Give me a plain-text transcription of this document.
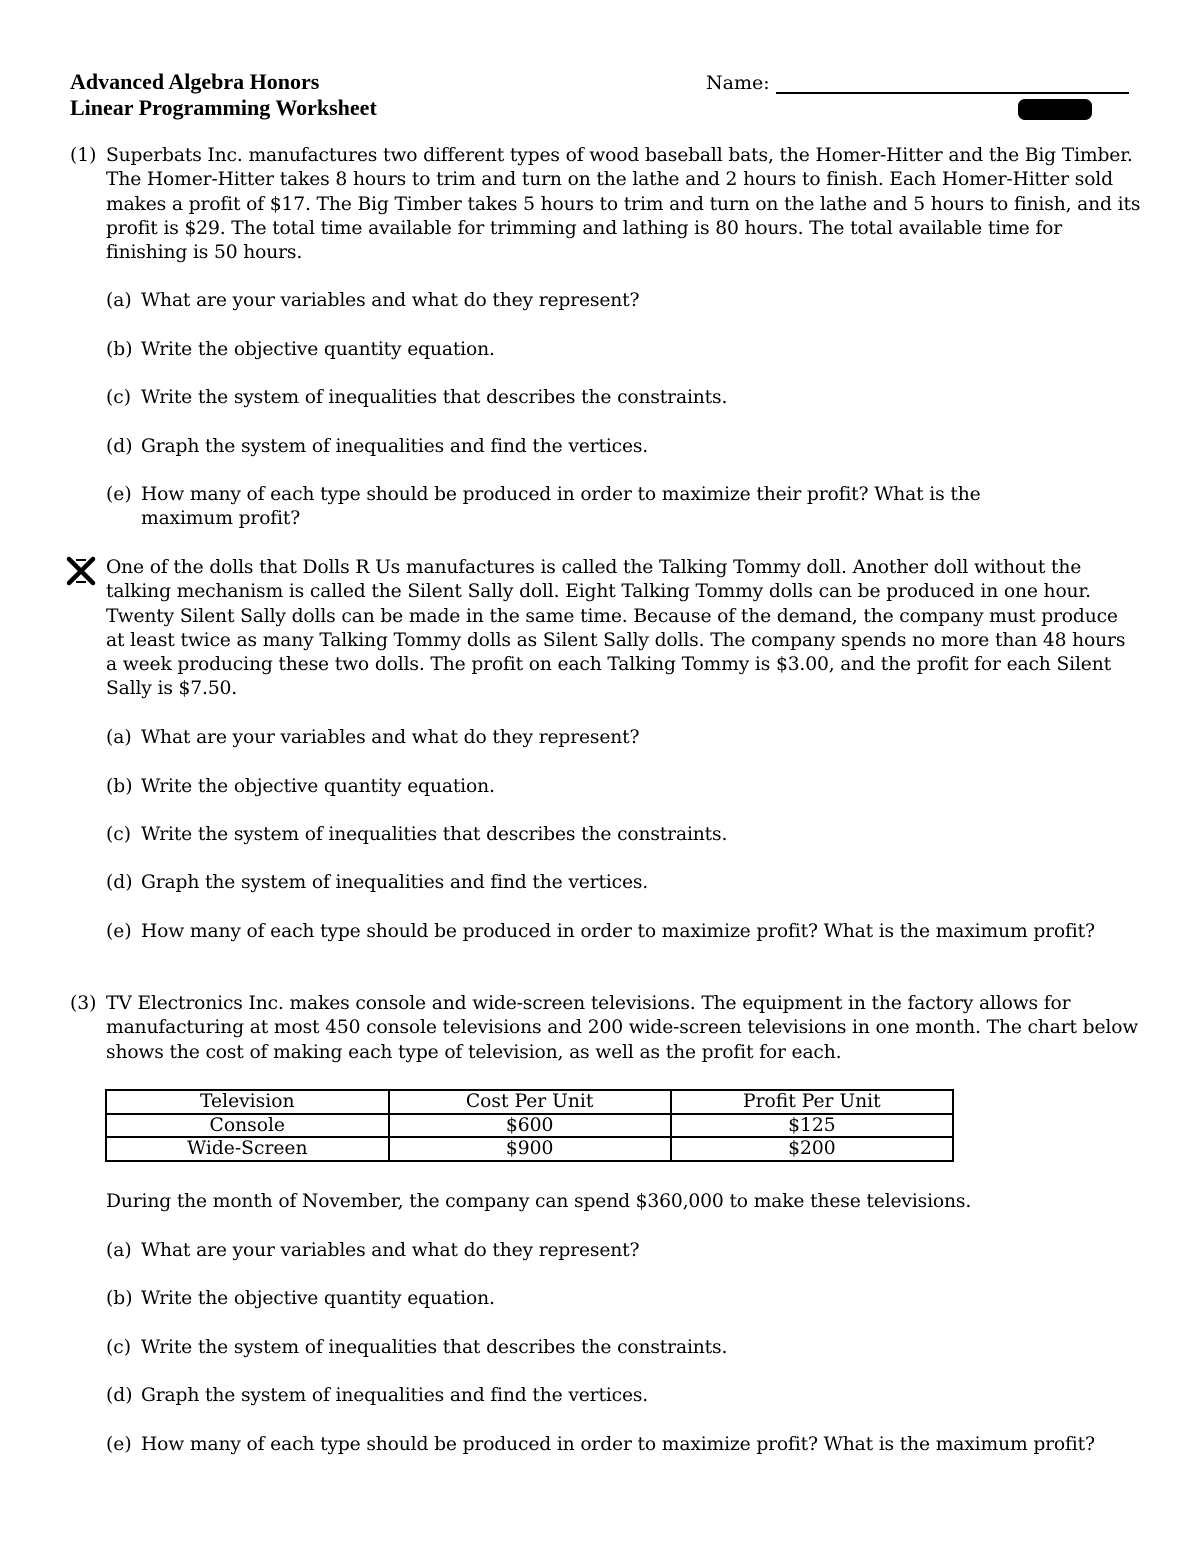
Advanced Algebra Honors
Linear Programming Worksheet
Name:
(1) Superbats Inc. manufactures two different types of wood baseball bats, the Homer-Hitter and the Big Timber. The Homer-Hitter takes 8 hours to trim and turn on the lathe and 2 hours to finish. Each Homer-Hitter sold makes a profit of $17. The Big Timber takes 5 hours to trim and turn on the lathe and 5 hours to finish, and its profit is $29. The total time available for trimming and lathing is 80 hours. The total available time for finishing is 50 hours.
(a) What are your variables and what do they represent?
(b) Write the objective quantity equation.
(c) Write the system of inequalities that describes the constraints.
(d) Graph the system of inequalities and find the vertices.
(e) How many of each type should be produced in order to maximize their profit? What is the maximum profit?
One of the dolls that Dolls R Us manufactures is called the Talking Tommy doll. Another doll without the talking mechanism is called the Silent Sally doll. Eight Talking Tommy dolls can be produced in one hour. Twenty Silent Sally dolls can be made in the same time. Because of the demand, the company must produce at least twice as many Talking Tommy dolls as Silent Sally dolls. The company spends no more than 48 hours a week producing these two dolls. The profit on each Talking Tommy is $3.00, and the profit for each Silent Sally is $7.50.
(a) What are your variables and what do they represent?
(b) Write the objective quantity equation.
(c) Write the system of inequalities that describes the constraints.
(d) Graph the system of inequalities and find the vertices.
(e) How many of each type should be produced in order to maximize profit? What is the maximum profit?
(3) TV Electronics Inc. makes console and wide-screen televisions. The equipment in the factory allows for manufacturing at most 450 console televisions and 200 wide-screen televisions in one month. The chart below shows the cost of making each type of television, as well as the profit for each.
Television	Cost Per Unit	Profit Per Unit
Console	$600	$125
Wide-Screen	$900	$200
During the month of November, the company can spend $360,000 to make these televisions.
(a) What are your variables and what do they represent?
(b) Write the objective quantity equation.
(c) Write the system of inequalities that describes the constraints.
(d) Graph the system of inequalities and find the vertices.
(e) How many of each type should be produced in order to maximize profit? What is the maximum profit?
